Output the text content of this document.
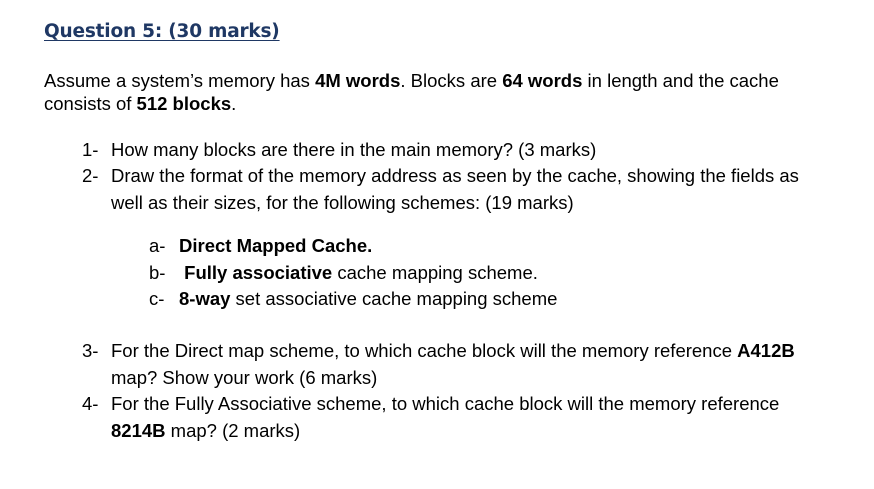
Question 5: (30 marks)
Assume a system’s memory has 4M words. Blocks are 64 words in length and the cache
consists of 512 blocks.
1- How many blocks are there in the main memory? (3 marks)
2- Draw the format of the memory address as seen by the cache, showing the fields as
well as their sizes, for the following schemes: (19 marks)
a- Direct Mapped Cache.
b- Fully associative cache mapping scheme.
c- 8-way set associative cache mapping scheme
3- For the Direct map scheme, to which cache block will the memory reference A412B
map? Show your work (6 marks)
4- For the Fully Associative scheme, to which cache block will the memory reference
8214B map? (2 marks)
